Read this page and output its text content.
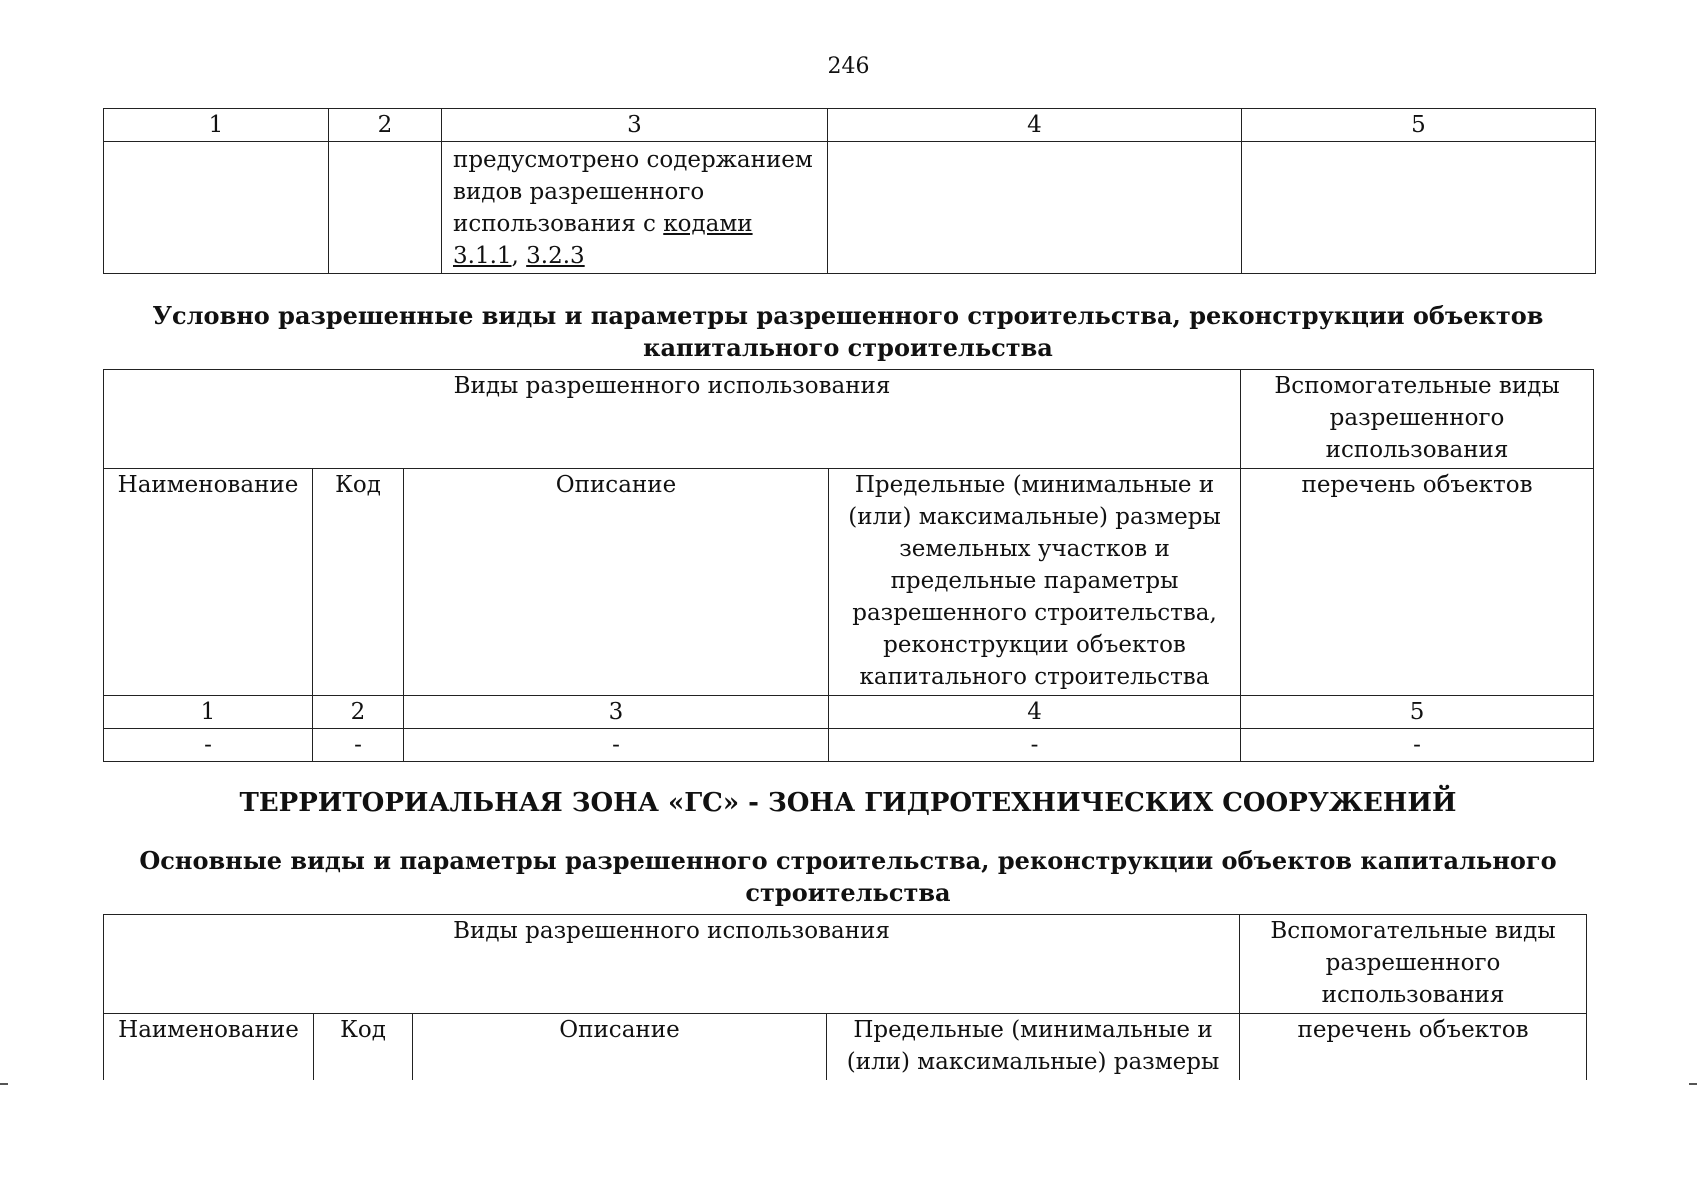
246
1	2	3	4	5
		предусмотрено содержанием видов разрешенного использования с кодами 3.1.1, 3.2.3		
Условно разрешенные виды и параметры разрешенного строительства, реконструкции объектов
капитального строительства
Виды разрешенного использования				Вспомогательные виды разрешенного использования
Наименование	Код	Описание	Предельные (минимальные и (или) максимальные) размеры земельных участков и предельные параметры разрешенного строительства, реконструкции объектов капитального строительства	перечень объектов
1	2	3	4	5
-	-	-	-	-
ТЕРРИТОРИАЛЬНАЯ ЗОНА «ГС» - ЗОНА ГИДРОТЕХНИЧЕСКИХ СООРУЖЕНИЙ
Основные виды и параметры разрешенного строительства, реконструкции объектов капитального
строительства
Виды разрешенного использования				Вспомогательные виды разрешенного использования
Наименование	Код	Описание	Предельные (минимальные и (или) максимальные) размеры	перечень объектов
